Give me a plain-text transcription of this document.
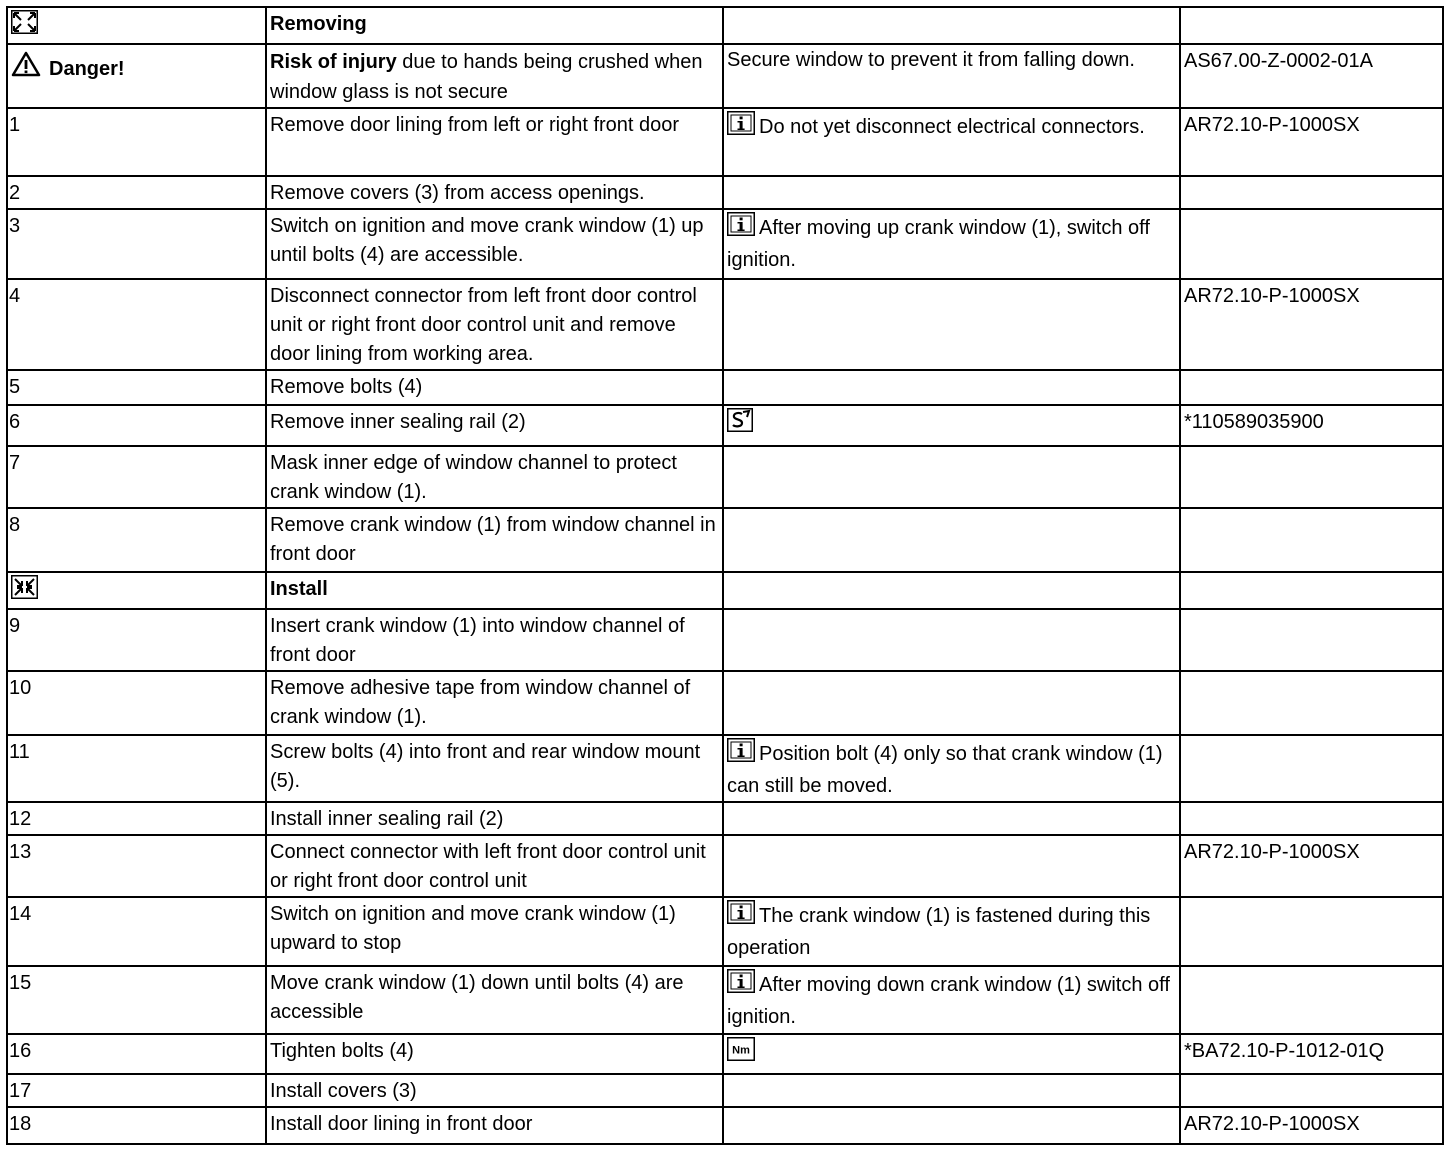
	Removing		
Danger!	Risk of injury due to hands being crushed when window glass is not secure	Secure window to prevent it from falling down.	AS67.00-Z-0002-01A
1	Remove door lining from left or right front door	Do not yet disconnect electrical connectors.	AR72.10-P-1000SX
2	Remove covers (3) from access openings.		
3	Switch on ignition and move crank window (1) up until bolts (4) are accessible.	After moving up crank window (1), switch off ignition.	
4	Disconnect connector from left front door control unit or right front door control unit and remove door lining from working area.		AR72.10-P-1000SX
5	Remove bolts (4)		
6	Remove inner sealing rail (2)		*110589035900
7	Mask inner edge of window channel to protect crank window (1).		
8	Remove crank window (1) from window channel in front door		
	Install		
9	Insert crank window (1) into window channel of front door		
10	Remove adhesive tape from window channel of crank window (1).		
11	Screw bolts (4) into front and rear window mount (5).	Position bolt (4) only so that crank window (1) can still be moved.	
12	Install inner sealing rail (2)		
13	Connect connector with left front door control unit or right front door control unit		AR72.10-P-1000SX
14	Switch on ignition and move crank window (1) upward to stop	The crank window (1) is fastened during this operation	
15	Move crank window (1) down until bolts (4) are accessible	After moving down crank window (1) switch off ignition.	
16	Tighten bolts (4)	Nm	*BA72.10-P-1012-01Q
17	Install covers (3)		
18	Install door lining in front door		AR72.10-P-1000SX
